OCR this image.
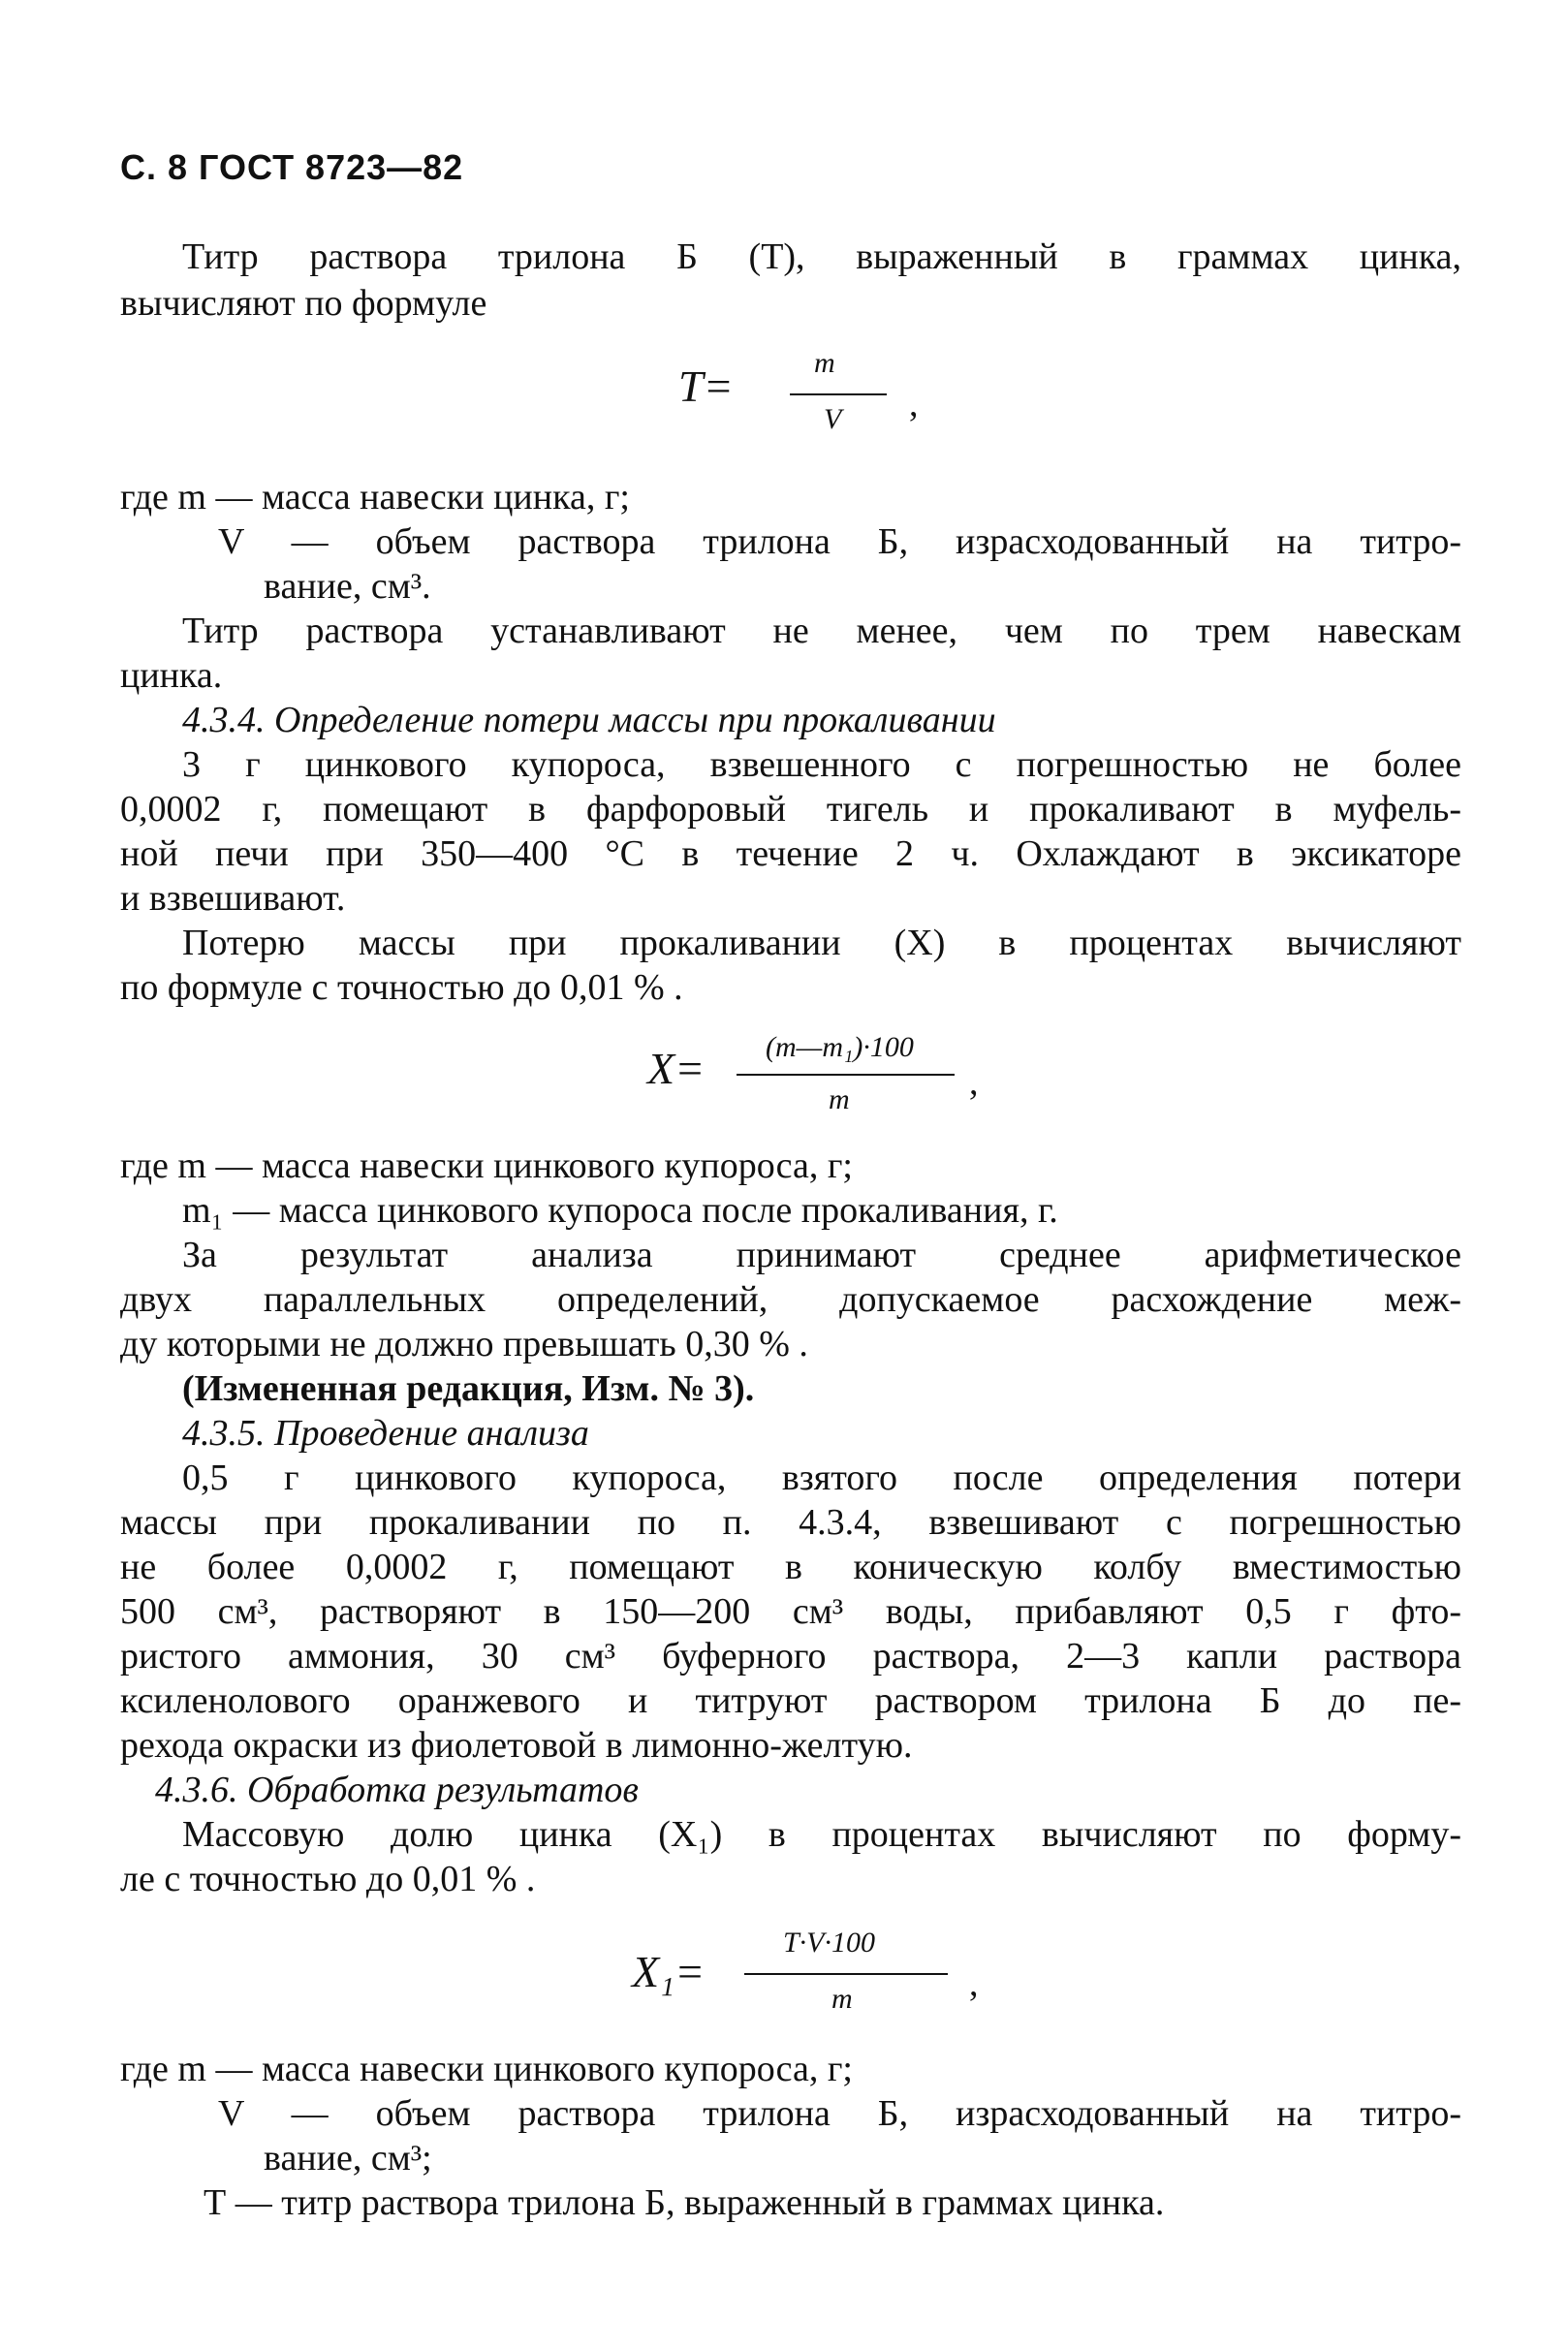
С. 8 ГОСТ 8723—82
Титр раствора трилона Б (Т), выраженный в граммах цинка,
вычисляют по формуле
Т=	m
V ,
где m — масса навески цинка, г;
V — объем раствора трилона Б, израсходованный на титро-
вание, см³.
Титр раствора устанавливают не менее, чем по трем навескам
цинка.
4.3.4. Определение потери массы при прокаливании
3 г цинкового купороса, взвешенного с погрешностью не более
0,0002 г, помещают в фарфоровый тигель и прокаливают в муфель-
ной печи при 350—400 °С в течение 2 ч. Охлаждают в эксикаторе
и взвешивают.
Потерю массы при прокаливании (X) в процентах вычисляют
по формуле с точностью до 0,01 % .
X= (m—m₁)·100
m	,
где m — масса навески цинкового купороса, г;
m₁ — масса цинкового купороса после прокаливания, г.
За результат анализа принимают среднее арифметическое
двух параллельных определений, допускаемое расхождение меж-
ду которыми не должно превышать 0,30 % .
(Измененная редакция, Изм. № 3).
4.3.5. Проведение анализа
0,5 г цинкового купороса, взятого после определения потери
массы при прокаливании по п. 4.3.4, взвешивают с погрешностью
не более 0,0002 г, помещают в коническую колбу вместимостью
500 см³, растворяют в 150—200 см³ воды, прибавляют 0,5 г фто-
ристого аммония, 30 см³ буферного раствора, 2—3 капли раствора
ксиленолового оранжевого и титруют раствором трилона Б до пе-
рехода окраски из фиолетовой в лимонно-желтую.
4.3.6. Обработка результатов
Массовую долю цинка (X₁) в процентах вычисляют по форму-
ле с точностью до 0,01 % .
X₁=
T·V·100
m	,
где m — масса навески цинкового купороса, г;
V — объем раствора трилона Б, израсходованный на титро-
вание, см³;
Т — титр раствора трилона Б, выраженный в граммах цинка.
